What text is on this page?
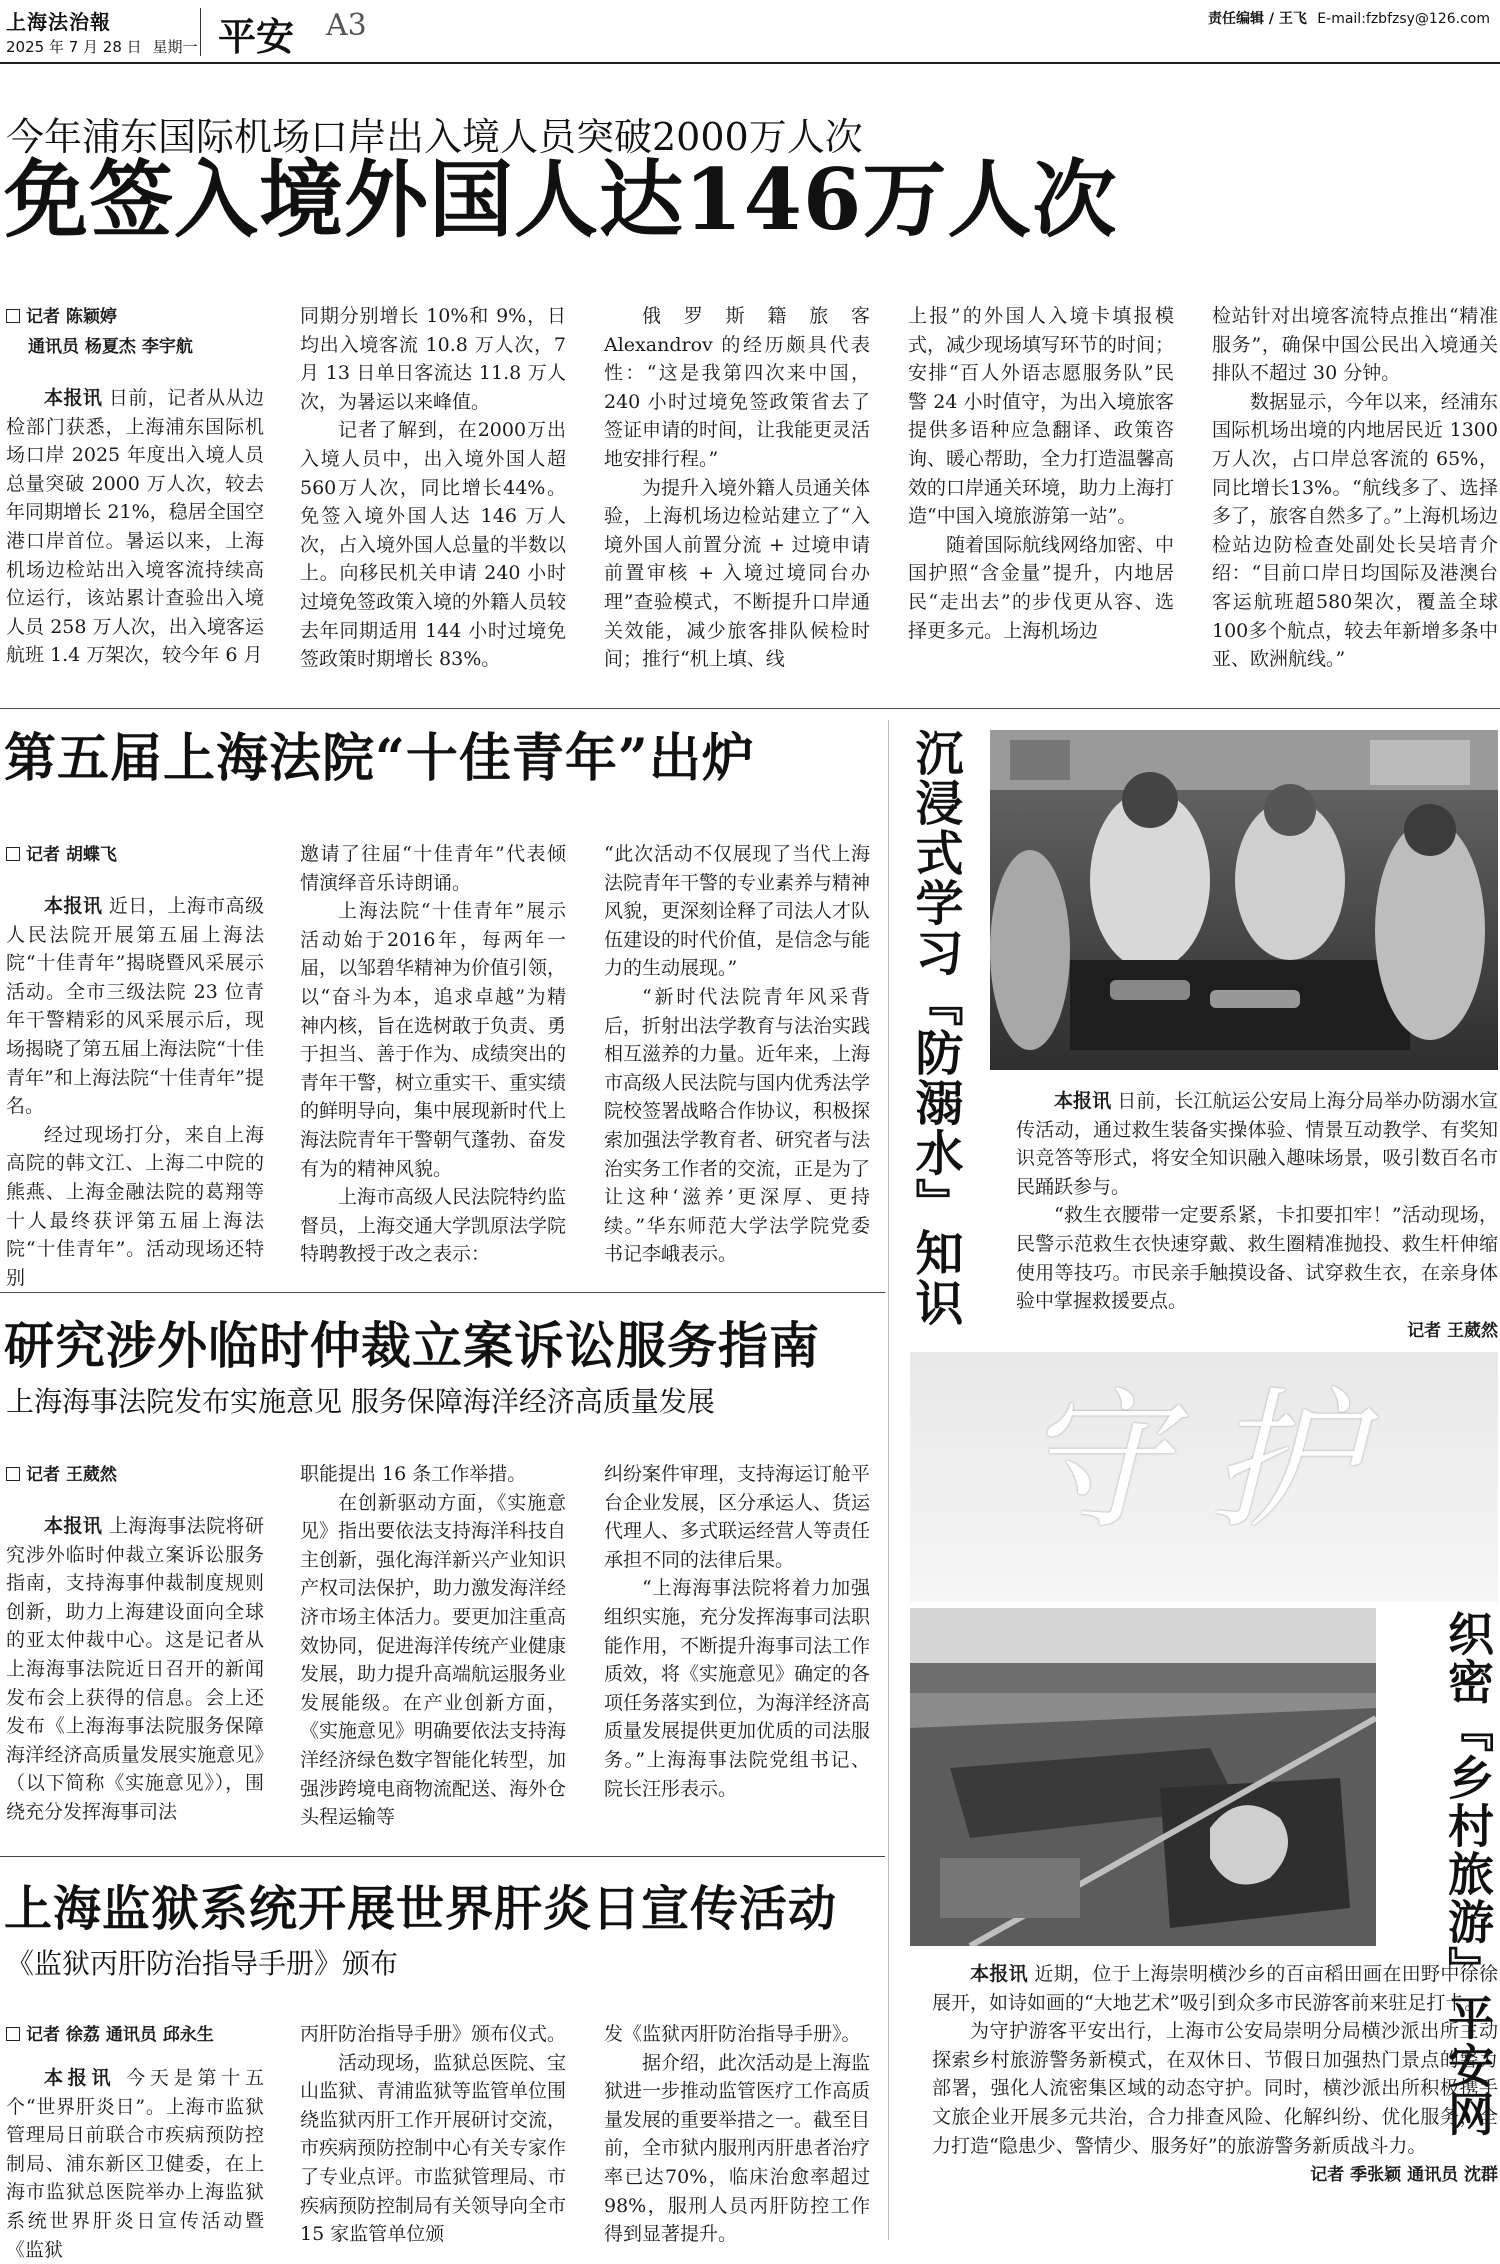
上海法治報
2025 年 7 月 28 日 星期一 平安 A3	责任编辑 / 王飞 E-mail:fzbfzsy@126.com
今年浦东国际机场口岸出入境人员突破2000万人次
免签入境外国人达146万人次
记者 陈颖婷
通讯员 杨夏杰 李宇航

本报讯 日前，记者从从边检部门获悉，上海浦东国际机场口岸 2025 年度出入境人员总量突破 2000 万人次，较去年同期增长 21%，稳居全国空港口岸首位。暑运以来，上海机场边检站出入境客流持续高位运行，该站累计查验出入境人员 258 万人次，出入境客运航班 1.4 万架次，较今年 6 月

同期分别增长 10%和 9%，日均出入境客流 10.8 万人次，7 月 13 日单日客流达 11.8 万人次，为暑运以来峰值。

记者了解到，在2000万出入境人员中，出入境外国人超 560万人次，同比增长44%。免签入境外国人达 146 万人次，占入境外国人总量的半数以上。向移民机关申请 240 小时过境免签政策入境的外籍人员较去年同期适用 144 小时过境免签政策时期增长 83%。

俄罗斯籍旅客 Alexandrov 的经历颇具代表性：“这是我第四次来中国，240 小时过境免签政策省去了签证申请的时间，让我能更灵活地安排行程。”

为提升入境外籍人员通关体验，上海机场边检站建立了“入境外国人前置分流 + 过境申请前置审核 + 入境过境同台办理”查验模式，不断提升口岸通关效能，减少旅客排队候检时间；推行“机上填、线

上报”的外国人入境卡填报模式，减少现场填写环节的时间；安排“百人外语志愿服务队”民警 24 小时值守，为出入境旅客提供多语种应急翻译、政策咨询、暖心帮助，全力打造温馨高效的口岸通关环境，助力上海打造“中国入境旅游第一站”。

随着国际航线网络加密、中国护照“含金量”提升，内地居民“走出去”的步伐更从容、选择更多元。上海机场边

检站针对出境客流特点推出“精准服务”，确保中国公民出入境通关排队不超过 30 分钟。

数据显示，今年以来，经浦东国际机场出境的内地居民近 1300万人次，占口岸总客流的 65%，同比增长13%。“航线多了、选择多了，旅客自然多了。”上海机场边检站边防检查处副处长吴培青介绍：“目前口岸日均国际及港澳台客运航班超580架次，覆盖全球100多个航点，较去年新增多条中亚、欧洲航线。”

第五届上海法院“十佳青年”出炉
记者 胡蝶飞

本报讯 近日，上海市高级人民法院开展第五届上海法院“十佳青年”揭晓暨风采展示活动。全市三级法院 23 位青年干警精彩的风采展示后，现场揭晓了第五届上海法院“十佳青年”和上海法院“十佳青年”提名。

经过现场打分，来自上海高院的韩文江、上海二中院的熊燕、上海金融法院的葛翔等十人最终获评第五届上海法院“十佳青年”。活动现场还特别

邀请了往届“十佳青年”代表倾情演绎音乐诗朗诵。

上海法院“十佳青年”展示活动始于2016年，每两年一届，以邹碧华精神为价值引领，以“奋斗为本，追求卓越”为精神内核，旨在选树敢于负责、勇于担当、善于作为、成绩突出的青年干警，树立重实干、重实绩的鲜明导向，集中展现新时代上海法院青年干警朝气蓬勃、奋发有为的精神风貌。

上海市高级人民法院特约监督员，上海交通大学凯原法学院特聘教授于改之表示：

“此次活动不仅展现了当代上海法院青年干警的专业素养与精神风貌，更深刻诠释了司法人才队伍建设的时代价值，是信念与能力的生动展现。”

“新时代法院青年风采背后，折射出法学教育与法治实践相互滋养的力量。近年来，上海市高级人民法院与国内优秀法学院校签署战略合作协议，积极探索加强法学教育者、研究者与法治实务工作者的交流，正是为了让这种‘滋养’更深厚、更持续。”华东师范大学法学院党委书记李峨表示。	沉浸式学习『防溺水』知识	本报讯 日前，长江航运公安局上海分局举办防溺水宣传活动，通过救生装备实操体验、情景互动教学、有奖知识竞答等形式，将安全知识融入趣味场景，吸引数百名市民踊跃参与。

“救生衣腰带一定要系紧，卡扣要扣牢！”活动现场，民警示范救生衣快速穿戴、救生圈精准抛投、救生杆伸缩使用等技巧。市民亲手触摸设备、试穿救生衣，在亲身体验中掌握救援要点。

记者 王葳然
研究涉外临时仲裁立案诉讼服务指南
上海海事法院发布实施意见 服务保障海洋经济高质量发展
记者 王葳然

本报讯 上海海事法院将研究涉外临时仲裁立案诉讼服务指南，支持海事仲裁制度规则创新，助力上海建设面向全球的亚太仲裁中心。这是记者从上海海事法院近日召开的新闻发布会上获得的信息。会上还发布《上海海事法院服务保障海洋经济高质量发展实施意见》（以下简称《实施意见》），围绕充分发挥海事司法

职能提出 16 条工作举措。

在创新驱动方面，《实施意见》指出要依法支持海洋科技自主创新，强化海洋新兴产业知识产权司法保护，助力激发海洋经济市场主体活力。要更加注重高效协同，促进海洋传统产业健康发展，助力提升高端航运服务业发展能级。在产业创新方面，《实施意见》明确要依法支持海洋经济绿色数字智能化转型，加强涉跨境电商物流配送、海外仓头程运输等

纠纷案件审理，支持海运订舱平台企业发展，区分承运人、货运代理人、多式联运经营人等责任承担不同的法律后果。

“上海海事法院将着力加强组织实施，充分发挥海事司法职能作用，不断提升海事司法工作质效，将《实施意见》确定的各项任务落实到位，为海洋经济高质量发展提供更加优质的司法服务。”上海海事法院党组书记、院长汪彤表示。

守护
织密『乡村旅游』平安网

本报讯 近期，位于上海崇明横沙乡的百亩稻田画在田野中徐徐展开，如诗如画的“大地艺术”吸引到众多市民游客前来驻足打卡。

为守护游客平安出行，上海市公安局崇明分局横沙派出所主动探索乡村旅游警务新模式，在双休日、节假日加强热门景点的警力部署，强化人流密集区域的动态守护。同时，横沙派出所积极携手文旅企业开展多元共治，合力排查风险、化解纠纷、优化服务，全力打造“隐患少、警情少、服务好”的旅游警务新质战斗力。

记者 季张颖 通讯员 沈群
上海监狱系统开展世界肝炎日宣传活动
《监狱丙肝防治指导手册》颁布
记者 徐荔 通讯员 邱永生

本报讯 今天是第十五个“世界肝炎日”。上海市监狱管理局日前联合市疾病预防控制局、浦东新区卫健委，在上海市监狱总医院举办上海监狱系统世界肝炎日宣传活动暨《监狱

丙肝防治指导手册》颁布仪式。

活动现场，监狱总医院、宝山监狱、青浦监狱等监管单位围绕监狱丙肝工作开展研讨交流，市疾病预防控制中心有关专家作了专业点评。市监狱管理局、市疾病预防控制局有关领导向全市 15 家监管单位颁

发《监狱丙肝防治指导手册》。

据介绍，此次活动是上海监狱进一步推动监管医疗工作高质量发展的重要举措之一。截至目前，全市狱内服刑丙肝患者治疗率已达70%，临床治愈率超过98%，服刑人员丙肝防控工作得到显著提升。
